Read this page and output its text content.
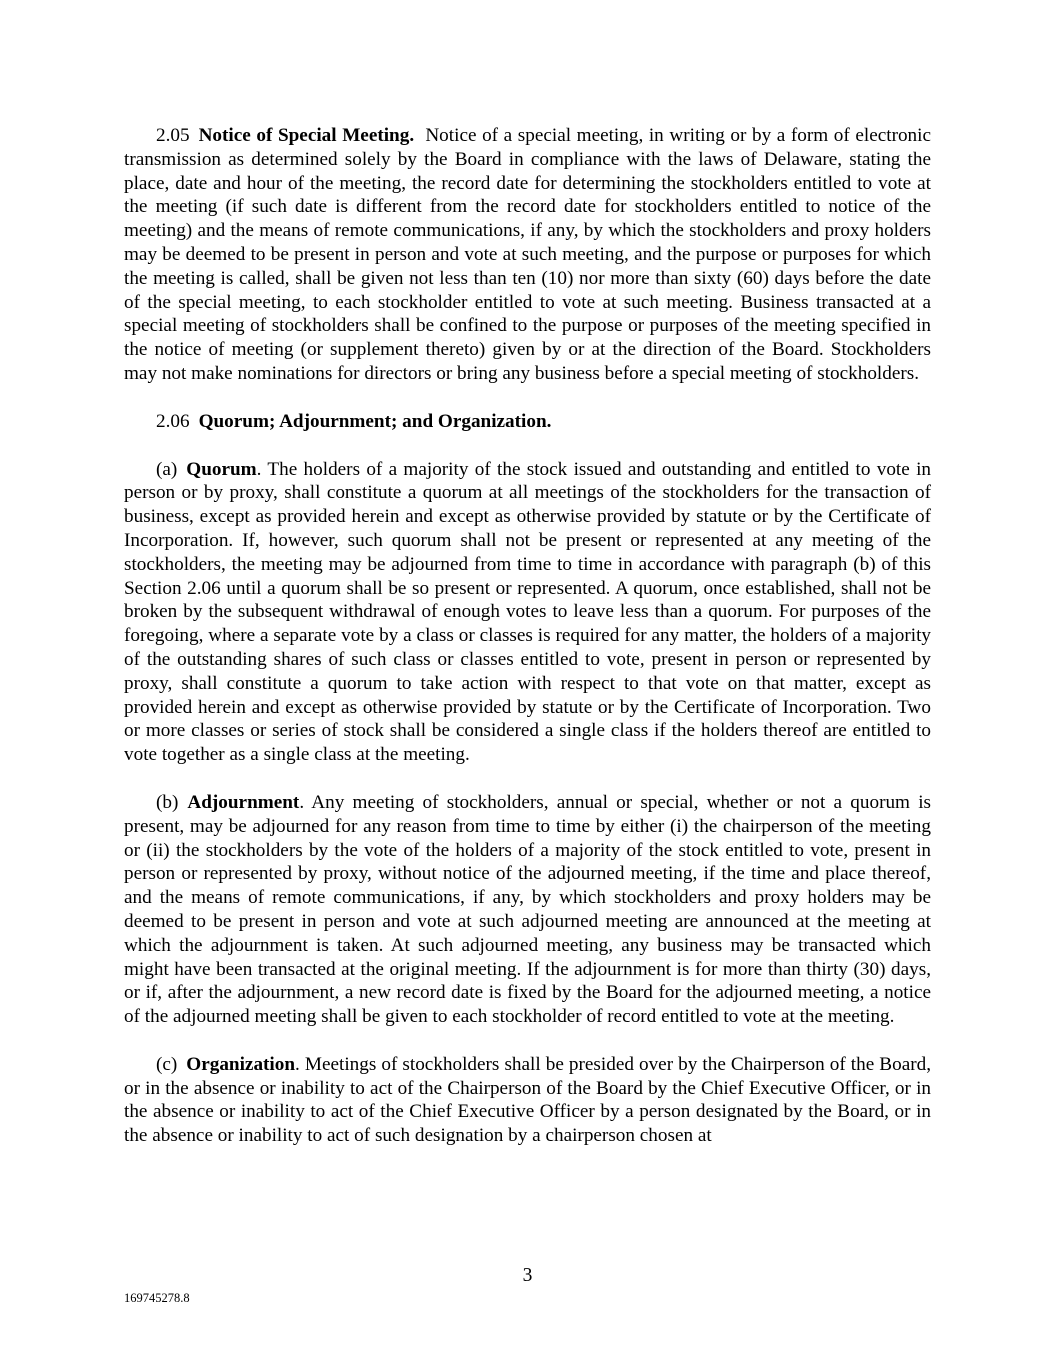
2.05 Notice of Special Meeting. Notice of a special meeting, in writing or by a form of electronic transmission as determined solely by the Board in compliance with the laws of Delaware, stating the place, date and hour of the meeting, the record date for determining the stockholders entitled to vote at the meeting (if such date is different from the record date for stockholders entitled to notice of the meeting) and the means of remote communications, if any, by which the stockholders and proxy holders may be deemed to be present in person and vote at such meeting, and the purpose or purposes for which the meeting is called, shall be given not less than ten (10) nor more than sixty (60) days before the date of the special meeting, to each stockholder entitled to vote at such meeting. Business transacted at a special meeting of stockholders shall be confined to the purpose or purposes of the meeting specified in the notice of meeting (or supplement thereto) given by or at the direction of the Board. Stockholders may not make nominations for directors or bring any business before a special meeting of stockholders.

2.06 Quorum; Adjournment; and Organization.

(a) Quorum. The holders of a majority of the stock issued and outstanding and entitled to vote in person or by proxy, shall constitute a quorum at all meetings of the stockholders for the transaction of business, except as provided herein and except as otherwise provided by statute or by the Certificate of Incorporation. If, however, such quorum shall not be present or represented at any meeting of the stockholders, the meeting may be adjourned from time to time in accordance with paragraph (b) of this Section 2.06 until a quorum shall be so present or represented. A quorum, once established, shall not be broken by the subsequent withdrawal of enough votes to leave less than a quorum. For purposes of the foregoing, where a separate vote by a class or classes is required for any matter, the holders of a majority of the outstanding shares of such class or classes entitled to vote, present in person or represented by proxy, shall constitute a quorum to take action with respect to that vote on that matter, except as provided herein and except as otherwise provided by statute or by the Certificate of Incorporation. Two or more classes or series of stock shall be considered a single class if the holders thereof are entitled to vote together as a single class at the meeting.

(b) Adjournment. Any meeting of stockholders, annual or special, whether or not a quorum is present, may be adjourned for any reason from time to time by either (i) the chairperson of the meeting or (ii) the stockholders by the vote of the holders of a majority of the stock entitled to vote, present in person or represented by proxy, without notice of the adjourned meeting, if the time and place thereof, and the means of remote communications, if any, by which stockholders and proxy holders may be deemed to be present in person and vote at such adjourned meeting are announced at the meeting at which the adjournment is taken. At such adjourned meeting, any business may be transacted which might have been transacted at the original meeting. If the adjournment is for more than thirty (30) days, or if, after the adjournment, a new record date is fixed by the Board for the adjourned meeting, a notice of the adjourned meeting shall be given to each stockholder of record entitled to vote at the meeting.

(c) Organization. Meetings of stockholders shall be presided over by the Chairperson of the Board, or in the absence or inability to act of the Chairperson of the Board by the Chief Executive Officer, or in the absence or inability to act of the Chief Executive Officer by a person designated by the Board, or in the absence or inability to act of such designation by a chairperson chosen at

3
169745278.8
